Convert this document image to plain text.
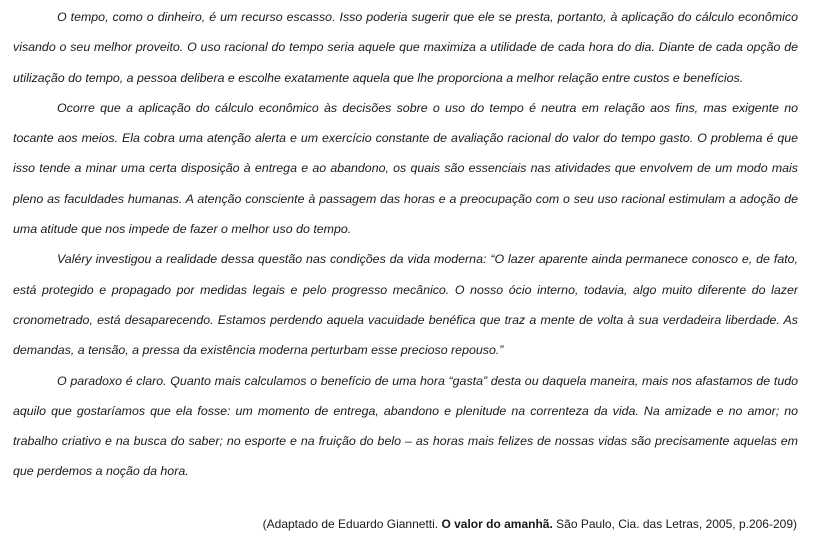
O tempo, como o dinheiro, é um recurso escasso. Isso poderia sugerir que ele se presta, portanto, à aplicação do cálculo econômico visando o seu melhor proveito. O uso racional do tempo seria aquele que maximiza a utilidade de cada hora do dia. Diante de cada opção de utilização do tempo, a pessoa delibera e escolhe exatamente aquela que lhe proporciona a melhor relação entre custos e benefícios.

Ocorre que a aplicação do cálculo econômico às decisões sobre o uso do tempo é neutra em relação aos fins, mas exigente no tocante aos meios. Ela cobra uma atenção alerta e um exercício constante de avaliação racional do valor do tempo gasto. O problema é que isso tende a minar uma certa disposição à entrega e ao abandono, os quais são essenciais nas atividades que envolvem de um modo mais pleno as faculdades humanas. A atenção consciente à passagem das horas e a preocupação com o seu uso racional estimulam a adoção de uma atitude que nos impede de fazer o melhor uso do tempo.

Valéry investigou a realidade dessa questão nas condições da vida moderna: “O lazer aparente ainda permanece conosco e, de fato, está protegido e propagado por medidas legais e pelo progresso mecânico. O nosso ócio interno, todavia, algo muito diferente do lazer cronometrado, está desaparecendo. Estamos perdendo aquela vacuidade benéfica que traz a mente de volta à sua verdadeira liberdade. As demandas, a tensão, a pressa da existência moderna perturbam esse precioso repouso.”

O paradoxo é claro. Quanto mais calculamos o benefício de uma hora “gasta” desta ou daquela maneira, mais nos afastamos de tudo aquilo que gostaríamos que ela fosse: um momento de entrega, abandono e plenitude na correnteza da vida. Na amizade e no amor; no trabalho criativo e na busca do saber; no esporte e na fruição do belo – as horas mais felizes de nossas vidas são precisamente aquelas em que perdemos a noção da hora.

(Adaptado de Eduardo Giannetti. O valor do amanhã. São Paulo, Cia. das Letras, 2005, p.206-209)
